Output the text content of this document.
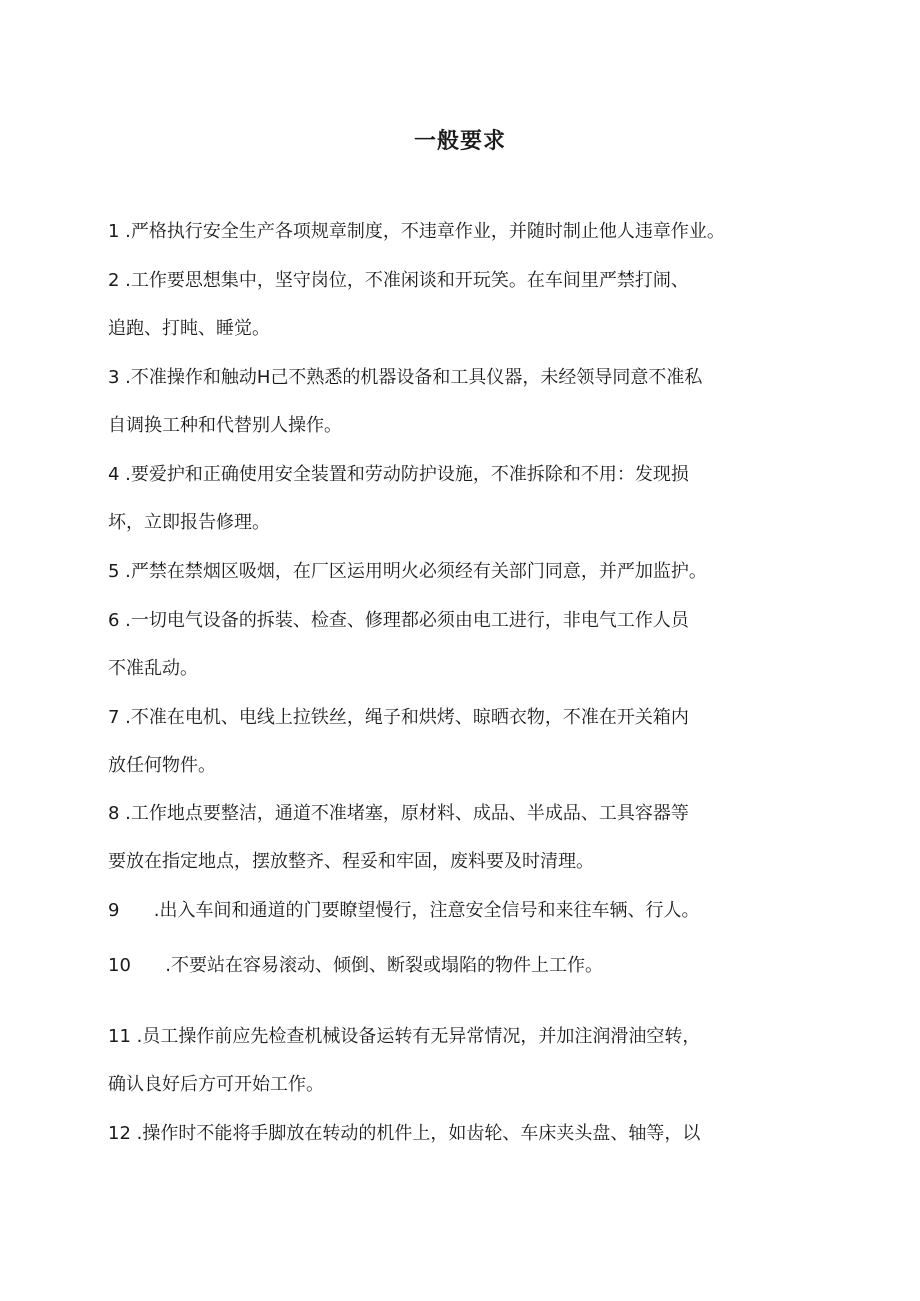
一般要求
1 .严格执行安全生产各项规章制度，不违章作业，并随时制止他人违章作业。
2 .工作要思想集中，坚守岗位，不准闲谈和开玩笑。在车间里严禁打闹、
追跑、打盹、睡觉。
3 .不准操作和触动H己不熟悉的机器设备和工具仪器，未经领导同意不准私
自调换工种和代替别人操作。
4 .要爱护和正确使用安全装置和劳动防护设施，不准拆除和不用：发现损
坏，立即报告修理。
5 .严禁在禁烟区吸烟，在厂区运用明火必须经有关部门同意，并严加监护。
6 .一切电气设备的拆装、检查、修理都必须由电工进行，非电气工作人员
不准乱动。
7 .不准在电机、电线上拉铁丝，绳子和烘烤、晾晒衣物，不准在开关箱内
放任何物件。
8 .工作地点要整洁，通道不准堵塞，原材料、成品、半成品、工具容器等
要放在指定地点，摆放整齐、程妥和牢固，废料要及时清理。
9      .出入车间和通道的门要瞭望慢行，注意安全信号和来往车辆、行人。
10      .不要站在容易滚动、倾倒、断裂或塌陷的物件上工作。
11 .员工操作前应先检查机械设备运转有无异常情况，并加注润滑油空转，
确认良好后方可开始工作。
12 .操作时不能将手脚放在转动的机件上，如齿轮、车床夹头盘、轴等，以
